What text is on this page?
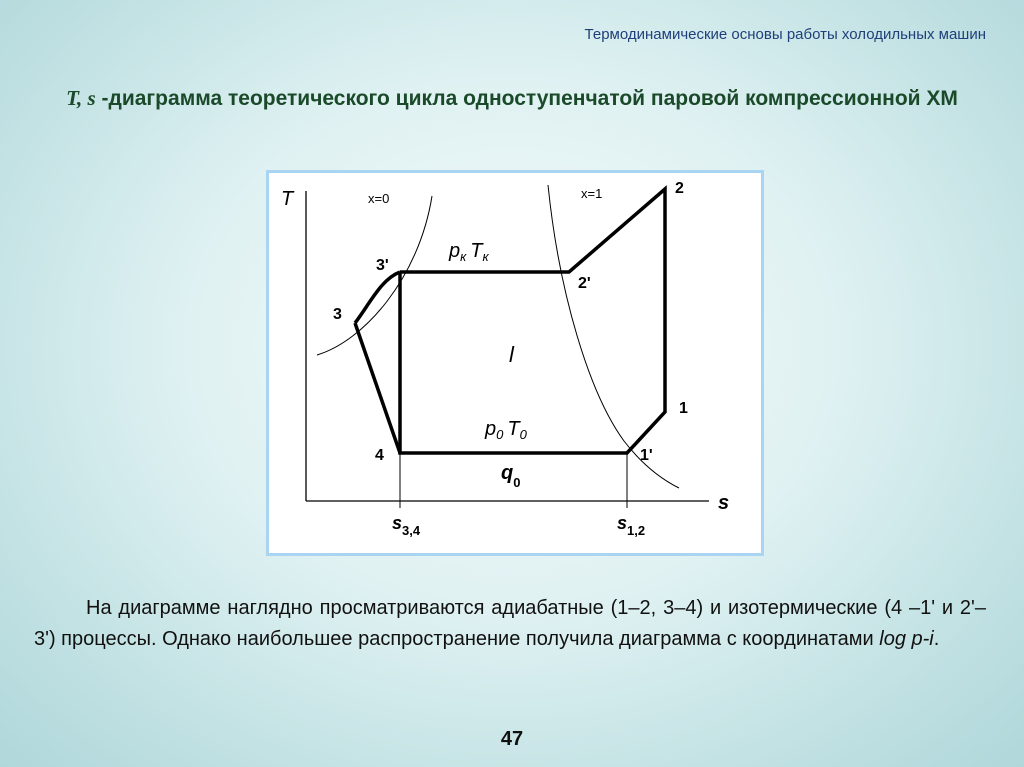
Термодинамические основы работы холодильных машин
T, s -диаграмма теоретического цикла одноступенчатой паровой компрессионной ХМ
T
s
x=0	x=1	2
2'
3'
3
4
1
1'
$p_к$ $T_к$
$p_0$ $T_0$
l
$q_0$
$s_{3,4}$	$s_{1,2}$
На диаграмме наглядно просматриваются адиабатные (1–2, 3–4) и изотермические (4 –1' и 2'–3') процессы. Однако наибольшее распространение получила диаграмма с координатами log p-i.
47
